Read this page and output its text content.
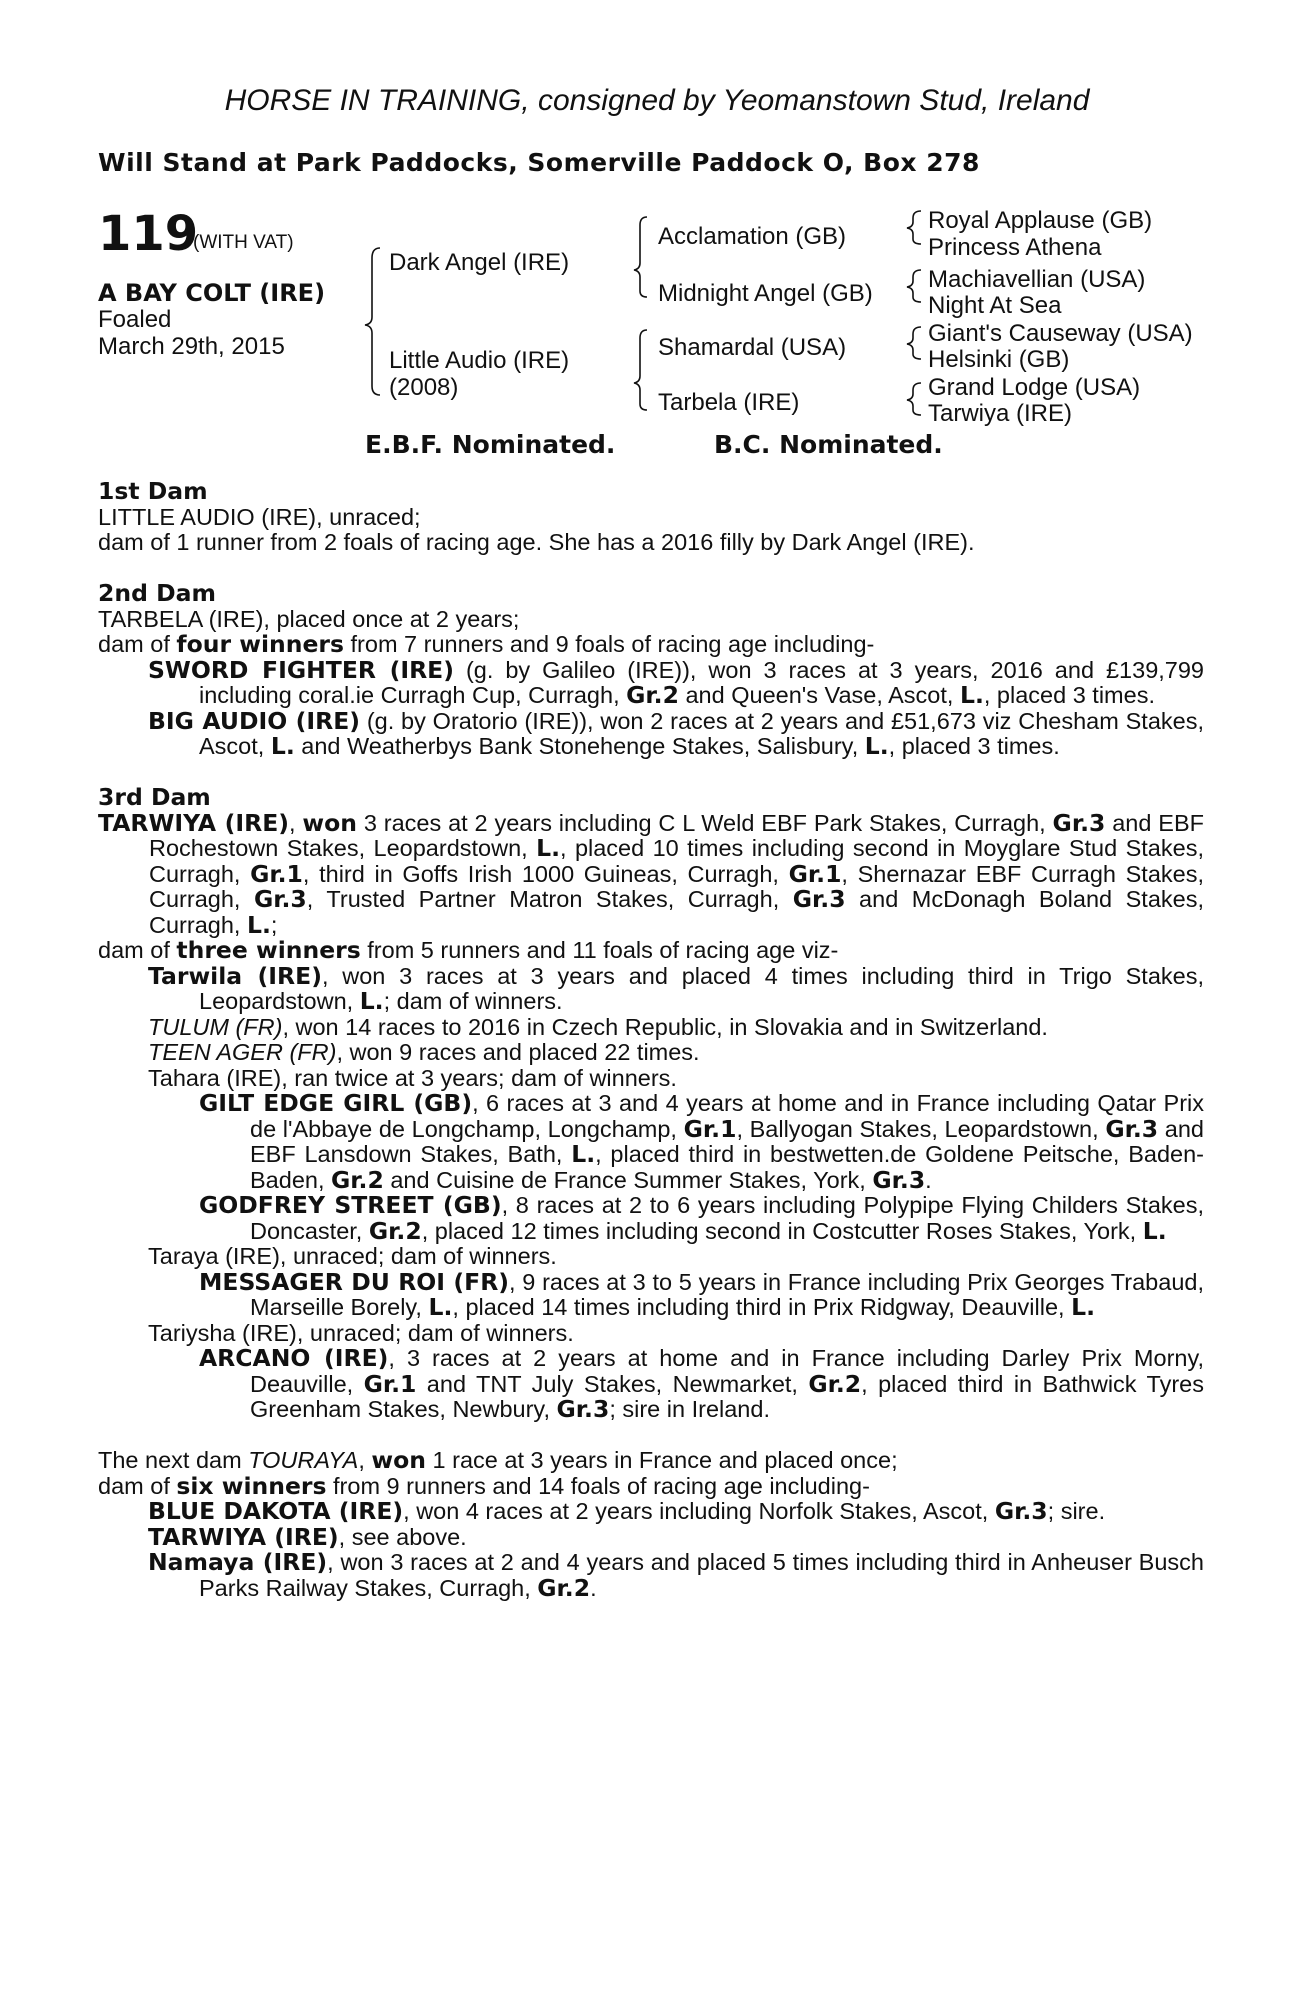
HORSE IN TRAINING, consigned by Yeomanstown Stud, Ireland
Will Stand at Park Paddocks, Somerville Paddock O, Box 278
119
(WITH VAT)
A BAY COLT (IRE)
Foaled
March 29th, 2015
Dark Angel (IRE)
Little Audio (IRE)
(2008)
Acclamation (GB)
Midnight Angel (GB)
Shamardal (USA)
Tarbela (IRE)
Royal Applause (GB)
Princess Athena
Machiavellian (USA)
Night At Sea
Giant's Causeway (USA)
Helsinki (GB)
Grand Lodge (USA)
Tarwiya (IRE)
E.B.F. Nominated.	B.C. Nominated.

1st Dam

LITTLE AUDIO (IRE), unraced;

dam of 1 runner from 2 foals of racing age. She has a 2016 filly by Dark Angel (IRE).

2nd Dam

TARBELA (IRE), placed once at 2 years;

dam of four winners from 7 runners and 9 foals of racing age including-

SWORD FIGHTER (IRE) (g. by Galileo (IRE)), won 3 races at 3 years, 2016 and £139,799 including coral.ie Curragh Cup, Curragh, Gr.2 and Queen's Vase, Ascot, L., placed 3 times.

BIG AUDIO (IRE) (g. by Oratorio (IRE)), won 2 races at 2 years and £51,673 viz Chesham Stakes, Ascot, L. and Weatherbys Bank Stonehenge Stakes, Salisbury, L., placed 3 times.

3rd Dam

TARWIYA (IRE), won 3 races at 2 years including C L Weld EBF Park Stakes, Curragh, Gr.3 and EBF Rochestown Stakes, Leopardstown, L., placed 10 times including second in Moyglare Stud Stakes, Curragh, Gr.1, third in Goffs Irish 1000 Guineas, Curragh, Gr.1, Shernazar EBF Curragh Stakes, Curragh, Gr.3, Trusted Partner Matron Stakes, Curragh, Gr.3 and McDonagh Boland Stakes, Curragh, L.;

dam of three winners from 5 runners and 11 foals of racing age viz-

Tarwila (IRE), won 3 races at 3 years and placed 4 times including third in Trigo Stakes, Leopardstown, L.; dam of winners.

TULUM (FR), won 14 races to 2016 in Czech Republic, in Slovakia and in Switzerland.

TEEN AGER (FR), won 9 races and placed 22 times.

Tahara (IRE), ran twice at 3 years; dam of winners.

GILT EDGE GIRL (GB), 6 races at 3 and 4 years at home and in France including Qatar Prix de l'Abbaye de Longchamp, Longchamp, Gr.1, Ballyogan Stakes, Leopardstown, Gr.3 and EBF Lansdown Stakes, Bath, L., placed third in bestwetten.de Goldene Peitsche, Baden-Baden, Gr.2 and Cuisine de France Summer Stakes, York, Gr.3.

GODFREY STREET (GB), 8 races at 2 to 6 years including Polypipe Flying Childers Stakes, Doncaster, Gr.2, placed 12 times including second in Costcutter Roses Stakes, York, L.

Taraya (IRE), unraced; dam of winners.

MESSAGER DU ROI (FR), 9 races at 3 to 5 years in France including Prix Georges Trabaud, Marseille Borely, L., placed 14 times including third in Prix Ridgway, Deauville, L.

Tariysha (IRE), unraced; dam of winners.

ARCANO (IRE), 3 races at 2 years at home and in France including Darley Prix Morny, Deauville, Gr.1 and TNT July Stakes, Newmarket, Gr.2, placed third in Bathwick Tyres Greenham Stakes, Newbury, Gr.3; sire in Ireland.

The next dam TOURAYA, won 1 race at 3 years in France and placed once;

dam of six winners from 9 runners and 14 foals of racing age including-

BLUE DAKOTA (IRE), won 4 races at 2 years including Norfolk Stakes, Ascot, Gr.3; sire.

TARWIYA (IRE), see above.

Namaya (IRE), won 3 races at 2 and 4 years and placed 5 times including third in Anheuser Busch Parks Railway Stakes, Curragh, Gr.2.
